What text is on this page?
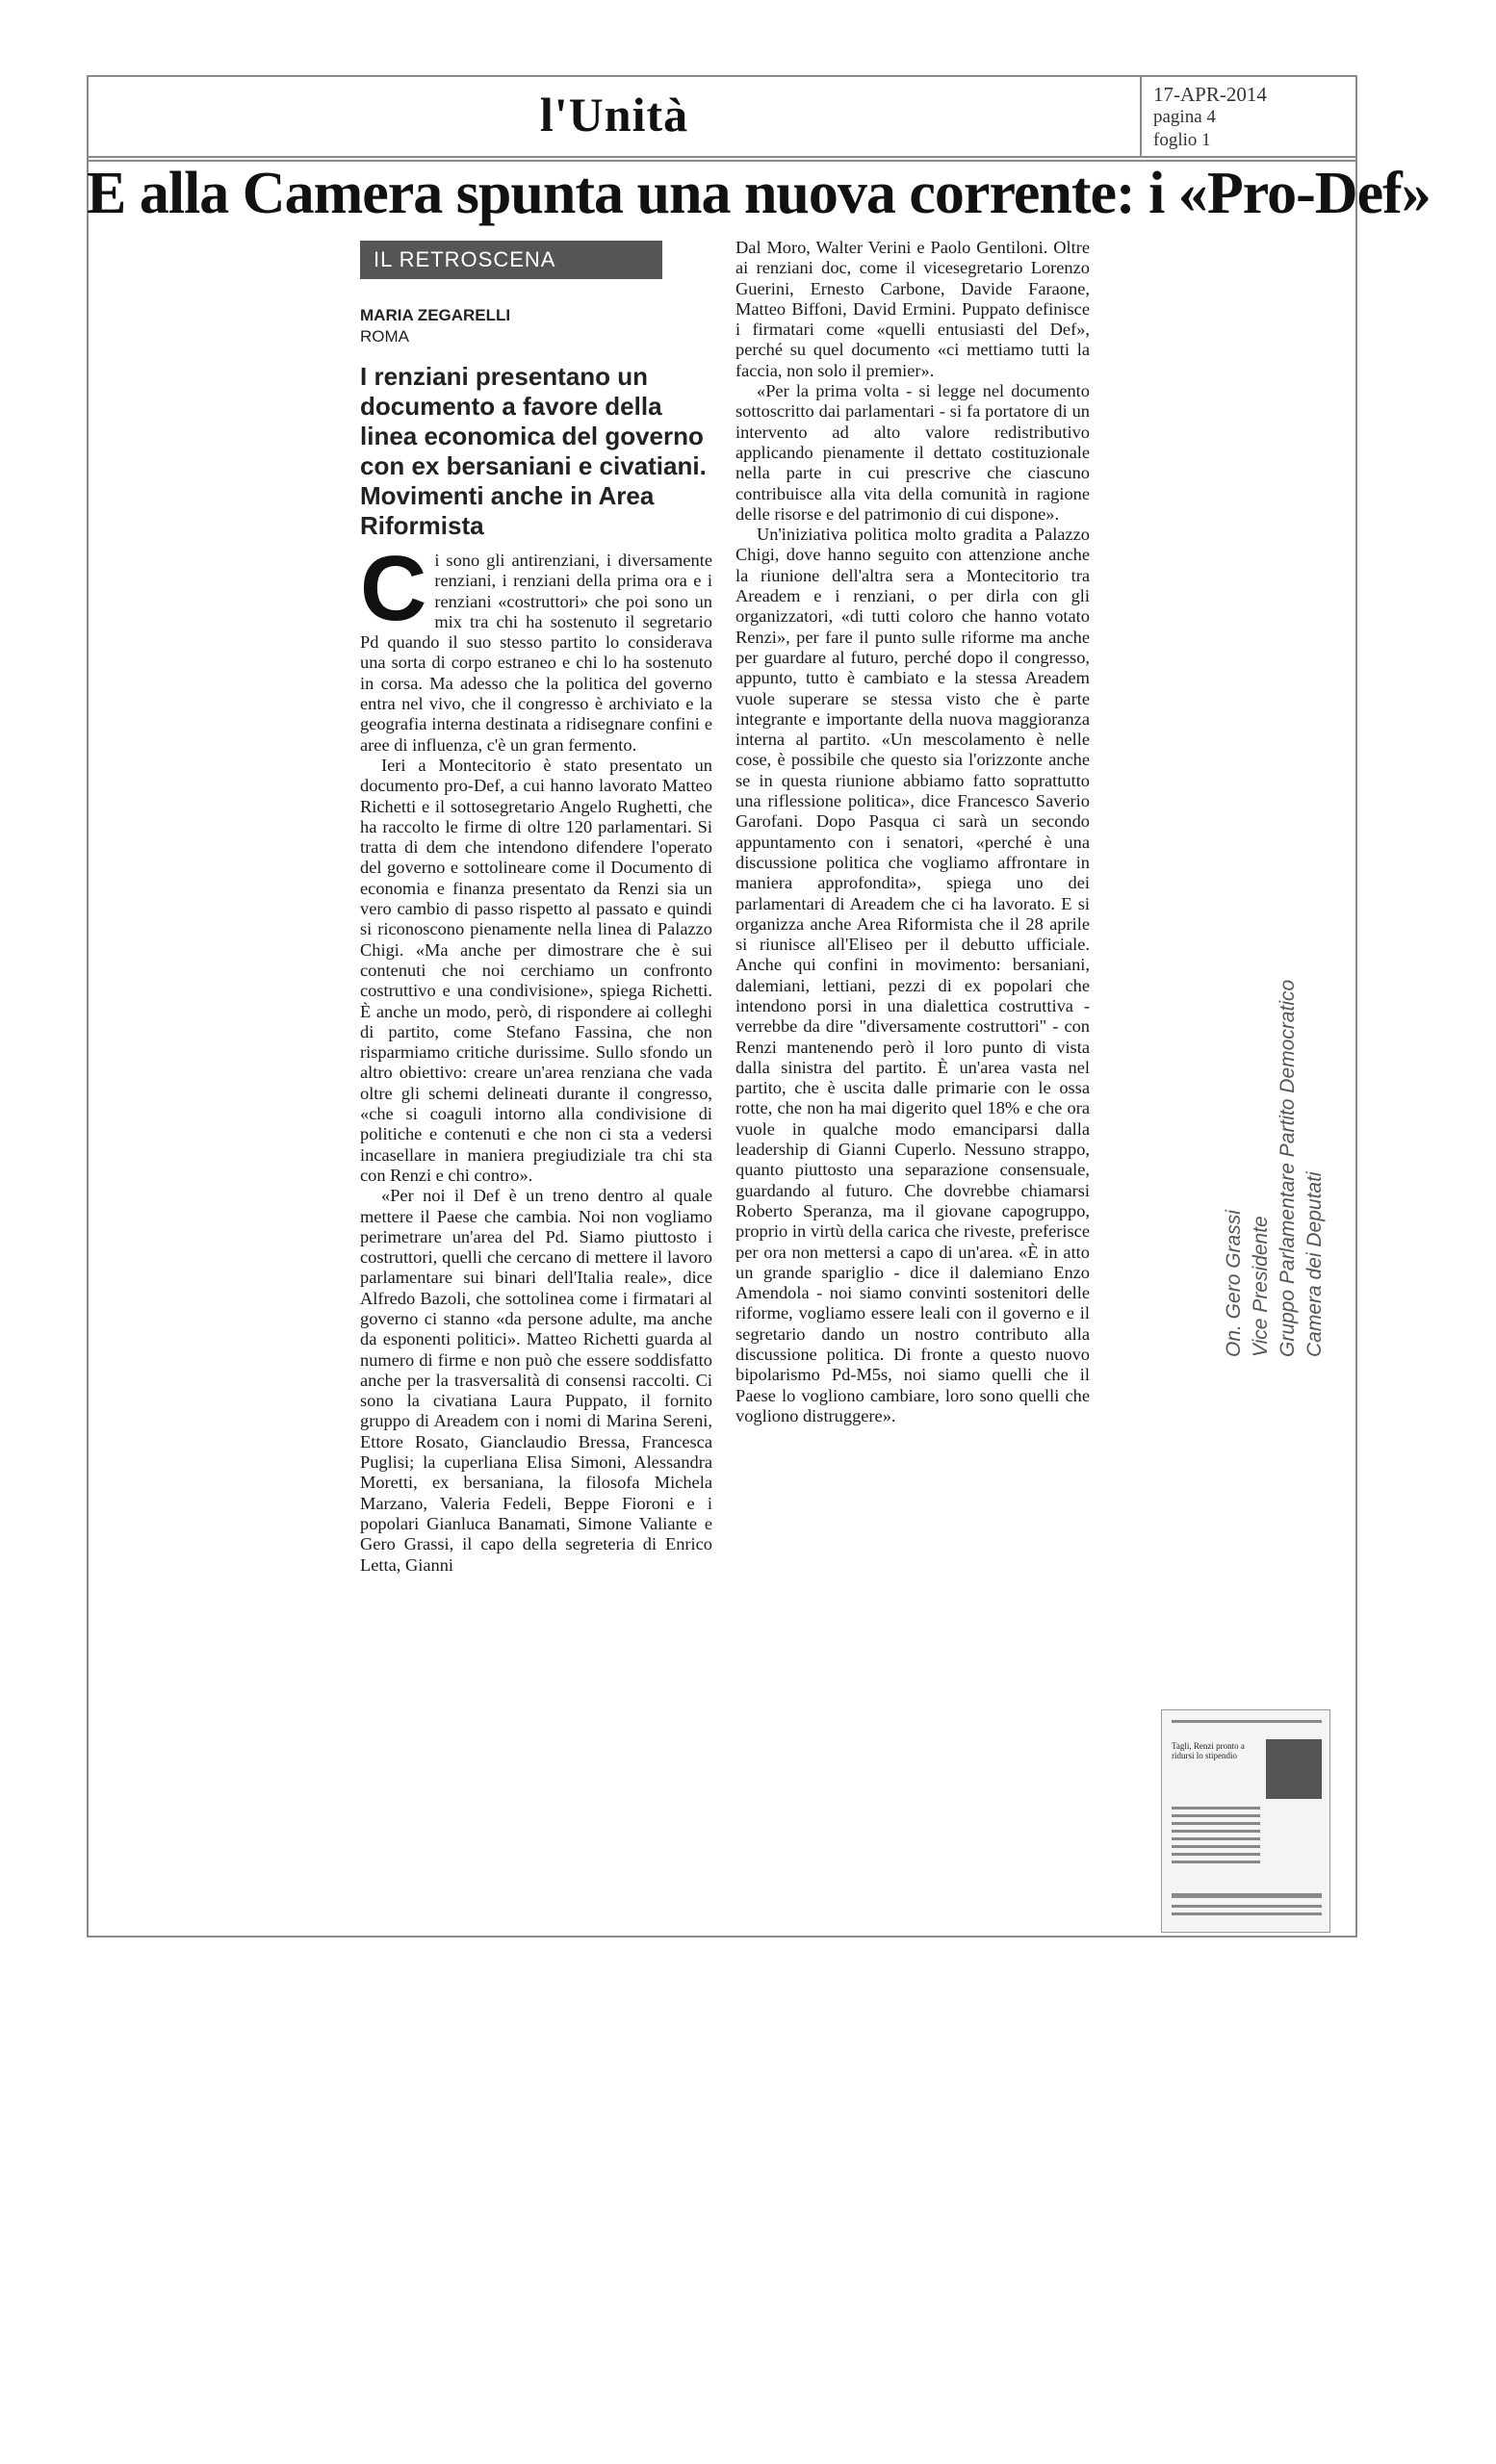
l'Unità	17-APR-2014
pagina 4
foglio 1
E alla Camera spunta una nuova corrente: i «Pro-Def»
IL RETROSCENA
MARIA ZEGARELLI
ROMA
I renziani presentano un documento a favore della linea economica del governo con ex bersaniani e civatiani. Movimenti anche in Area Riformista
C i sono gli antirenziani, i diversamente renziani, i renziani della prima ora e i renziani «costruttori» che poi sono un mix tra chi ha sostenuto il segretario Pd quando il suo stesso partito lo considerava una sorta di corpo estraneo e chi lo ha sostenuto in corsa. Ma adesso che la politica del governo entra nel vivo, che il congresso è archiviato e la geografia interna destinata a ridisegnare confini e aree di influenza, c'è un gran fermento.

Ieri a Montecitorio è stato presentato un documento pro-Def, a cui hanno lavorato Matteo Richetti e il sottosegretario Angelo Rughetti, che ha raccolto le firme di oltre 120 parlamentari. Si tratta di dem che intendono difendere l'operato del governo e sottolineare come il Documento di economia e finanza presentato da Renzi sia un vero cambio di passo rispetto al passato e quindi si riconoscono pienamente nella linea di Palazzo Chigi. «Ma anche per dimostrare che è sui contenuti che noi cerchiamo un confronto costruttivo e una condivisione», spiega Richetti. È anche un modo, però, di rispondere ai colleghi di partito, come Stefano Fassina, che non risparmiamo critiche durissime. Sullo sfondo un altro obiettivo: creare un'area renziana che vada oltre gli schemi delineati durante il congresso, «che si coaguli intorno alla condivisione di politiche e contenuti e che non ci sta a vedersi incasellare in maniera pregiudiziale tra chi sta con Renzi e chi contro».

«Per noi il Def è un treno dentro al quale mettere il Paese che cambia. Noi non vogliamo perimetrare un'area del Pd. Siamo piuttosto i costruttori, quelli che cercano di mettere il lavoro parlamentare sui binari dell'Italia reale», dice Alfredo Bazoli, che sottolinea come i firmatari al governo ci stanno «da persone adulte, ma anche da esponenti politici». Matteo Richetti guarda al numero di firme e non può che essere soddisfatto anche per la trasversalità di consensi raccolti. Ci sono la civatiana Laura Puppato, il fornito gruppo di Areadem con i nomi di Marina Sereni, Ettore Rosato, Gianclaudio Bressa, Francesca Puglisi; la cuperliana Elisa Simoni, Alessandra Moretti, ex bersaniana, la filosofa Michela Marzano, Valeria Fedeli, Beppe Fioroni e i popolari Gianluca Banamati, Simone Valiante e Gero Grassi, il capo della segreteria di Enrico Letta, Gianni

Dal Moro, Walter Verini e Paolo Gentiloni. Oltre ai renziani doc, come il vicesegretario Lorenzo Guerini, Ernesto Carbone, Davide Faraone, Matteo Biffoni, David Ermini. Puppato definisce i firmatari come «quelli entusiasti del Def», perché su quel documento «ci mettiamo tutti la faccia, non solo il premier».

«Per la prima volta - si legge nel documento sottoscritto dai parlamentari - si fa portatore di un intervento ad alto valore redistributivo applicando pienamente il dettato costituzionale nella parte in cui prescrive che ciascuno contribuisce alla vita della comunità in ragione delle risorse e del patrimonio di cui dispone».

Un'iniziativa politica molto gradita a Palazzo Chigi, dove hanno seguito con attenzione anche la riunione dell'altra sera a Montecitorio tra Areadem e i renziani, o per dirla con gli organizzatori, «di tutti coloro che hanno votato Renzi», per fare il punto sulle riforme ma anche per guardare al futuro, perché dopo il congresso, appunto, tutto è cambiato e la stessa Areadem vuole superare se stessa visto che è parte integrante e importante della nuova maggioranza interna al partito. «Un mescolamento è nelle cose, è possibile che questo sia l'orizzonte anche se in questa riunione abbiamo fatto soprattutto una riflessione politica», dice Francesco Saverio Garofani. Dopo Pasqua ci sarà un secondo appuntamento con i senatori, «perché è una discussione politica che vogliamo affrontare in maniera approfondita», spiega uno dei parlamentari di Areadem che ci ha lavorato. E si organizza anche Area Riformista che il 28 aprile si riunisce all'Eliseo per il debutto ufficiale. Anche qui confini in movimento: bersaniani, dalemiani, lettiani, pezzi di ex popolari che intendono porsi in una dialettica costruttiva - verrebbe da dire "diversamente costruttori" - con Renzi mantenendo però il loro punto di vista dalla sinistra del partito. È un'area vasta nel partito, che è uscita dalle primarie con le ossa rotte, che non ha mai digerito quel 18% e che ora vuole in qualche modo emanciparsi dalla leadership di Gianni Cuperlo. Nessuno strappo, quanto piuttosto una separazione consensuale, guardando al futuro. Che dovrebbe chiamarsi Roberto Speranza, ma il giovane capogruppo, proprio in virtù della carica che riveste, preferisce per ora non mettersi a capo di un'area. «È in atto un grande spariglio - dice il dalemiano Enzo Amendola - noi siamo convinti sostenitori delle riforme, vogliamo essere leali con il governo e il segretario dando un nostro contributo alla discussione politica. Di fronte a questo nuovo bipolarismo Pd-M5s, noi siamo quelli che il Paese lo vogliono cambiare, loro sono quelli che vogliono distruggere».

On. Gero Grassi Vice Presidente Gruppo Parlamentare Partito Democratico Camera dei Deputati
Tagli, Renzi pronto a ridursi lo stipendio
